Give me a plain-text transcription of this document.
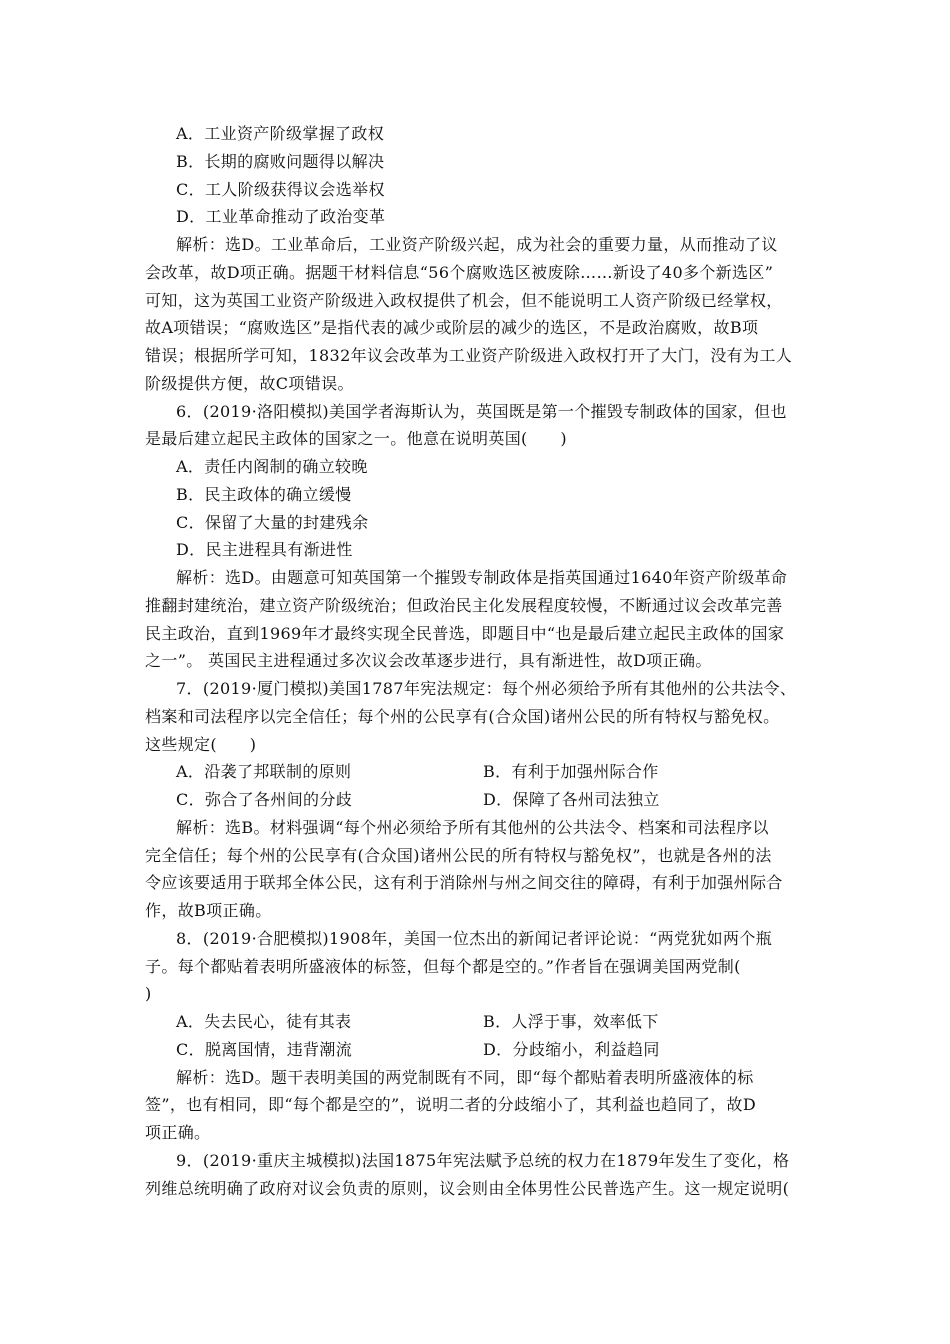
A．工业资产阶级掌握了政权
B．长期的腐败问题得以解决
C．工人阶级获得议会选举权
D．工业革命推动了政治变革
解析：选D。工业革命后，工业资产阶级兴起，成为社会的重要力量，从而推动了议
会改革，故D项正确。据题干材料信息“56个腐败选区被废除……新设了40多个新选区”
可知，这为英国工业资产阶级进入政权提供了机会，但不能说明工人资产阶级已经掌权，
故A项错误；“腐败选区”是指代表的减少或阶层的减少的选区，不是政治腐败，故B项
错误；根据所学可知，1832年议会改革为工业资产阶级进入政权打开了大门，没有为工人
阶级提供方便，故C项错误。
6．(2019·洛阳模拟)美国学者海斯认为，英国既是第一个摧毁专制政体的国家，但也
是最后建立起民主政体的国家之一。他意在说明英国(　　)
A．责任内阁制的确立较晚
B．民主政体的确立缓慢
C．保留了大量的封建残余
D．民主进程具有渐进性
解析：选D。由题意可知英国第一个摧毁专制政体是指英国通过1640年资产阶级革命
推翻封建统治，建立资产阶级统治；但政治民主化发展程度较慢，不断通过议会改革完善
民主政治，直到1969年才最终实现全民普选，即题目中“也是最后建立起民主政体的国家
之一”。 英国民主进程通过多次议会改革逐步进行，具有渐进性，故D项正确。
7．(2019·厦门模拟)美国1787年宪法规定：每个州必须给予所有其他州的公共法令、
档案和司法程序以完全信任；每个州的公民享有(合众国)诸州公民的所有特权与豁免权。
这些规定(　　)
A．沿袭了邦联制的原则	B．有利于加强州际合作
C．弥合了各州间的分歧	D．保障了各州司法独立
解析：选B。材料强调“每个州必须给予所有其他州的公共法令、档案和司法程序以
完全信任；每个州的公民享有(合众国)诸州公民的所有特权与豁免权”，也就是各州的法
令应该要适用于联邦全体公民，这有利于消除州与州之间交往的障碍，有利于加强州际合
作，故B项正确。
8．(2019·合肥模拟)1908年，美国一位杰出的新闻记者评论说：“两党犹如两个瓶
子。每个都贴着表明所盛液体的标签，但每个都是空的。”作者旨在强调美国两党制(
)
A．失去民心，徒有其表	B．人浮于事，效率低下
C．脱离国情，违背潮流	D．分歧缩小，利益趋同
解析：选D。题干表明美国的两党制既有不同，即“每个都贴着表明所盛液体的标
签”，也有相同，即“每个都是空的”，说明二者的分歧缩小了，其利益也趋同了，故D
项正确。
9．(2019·重庆主城模拟)法国1875年宪法赋予总统的权力在1879年发生了变化，格
列维总统明确了政府对议会负责的原则，议会则由全体男性公民普选产生。这一规定说明(
